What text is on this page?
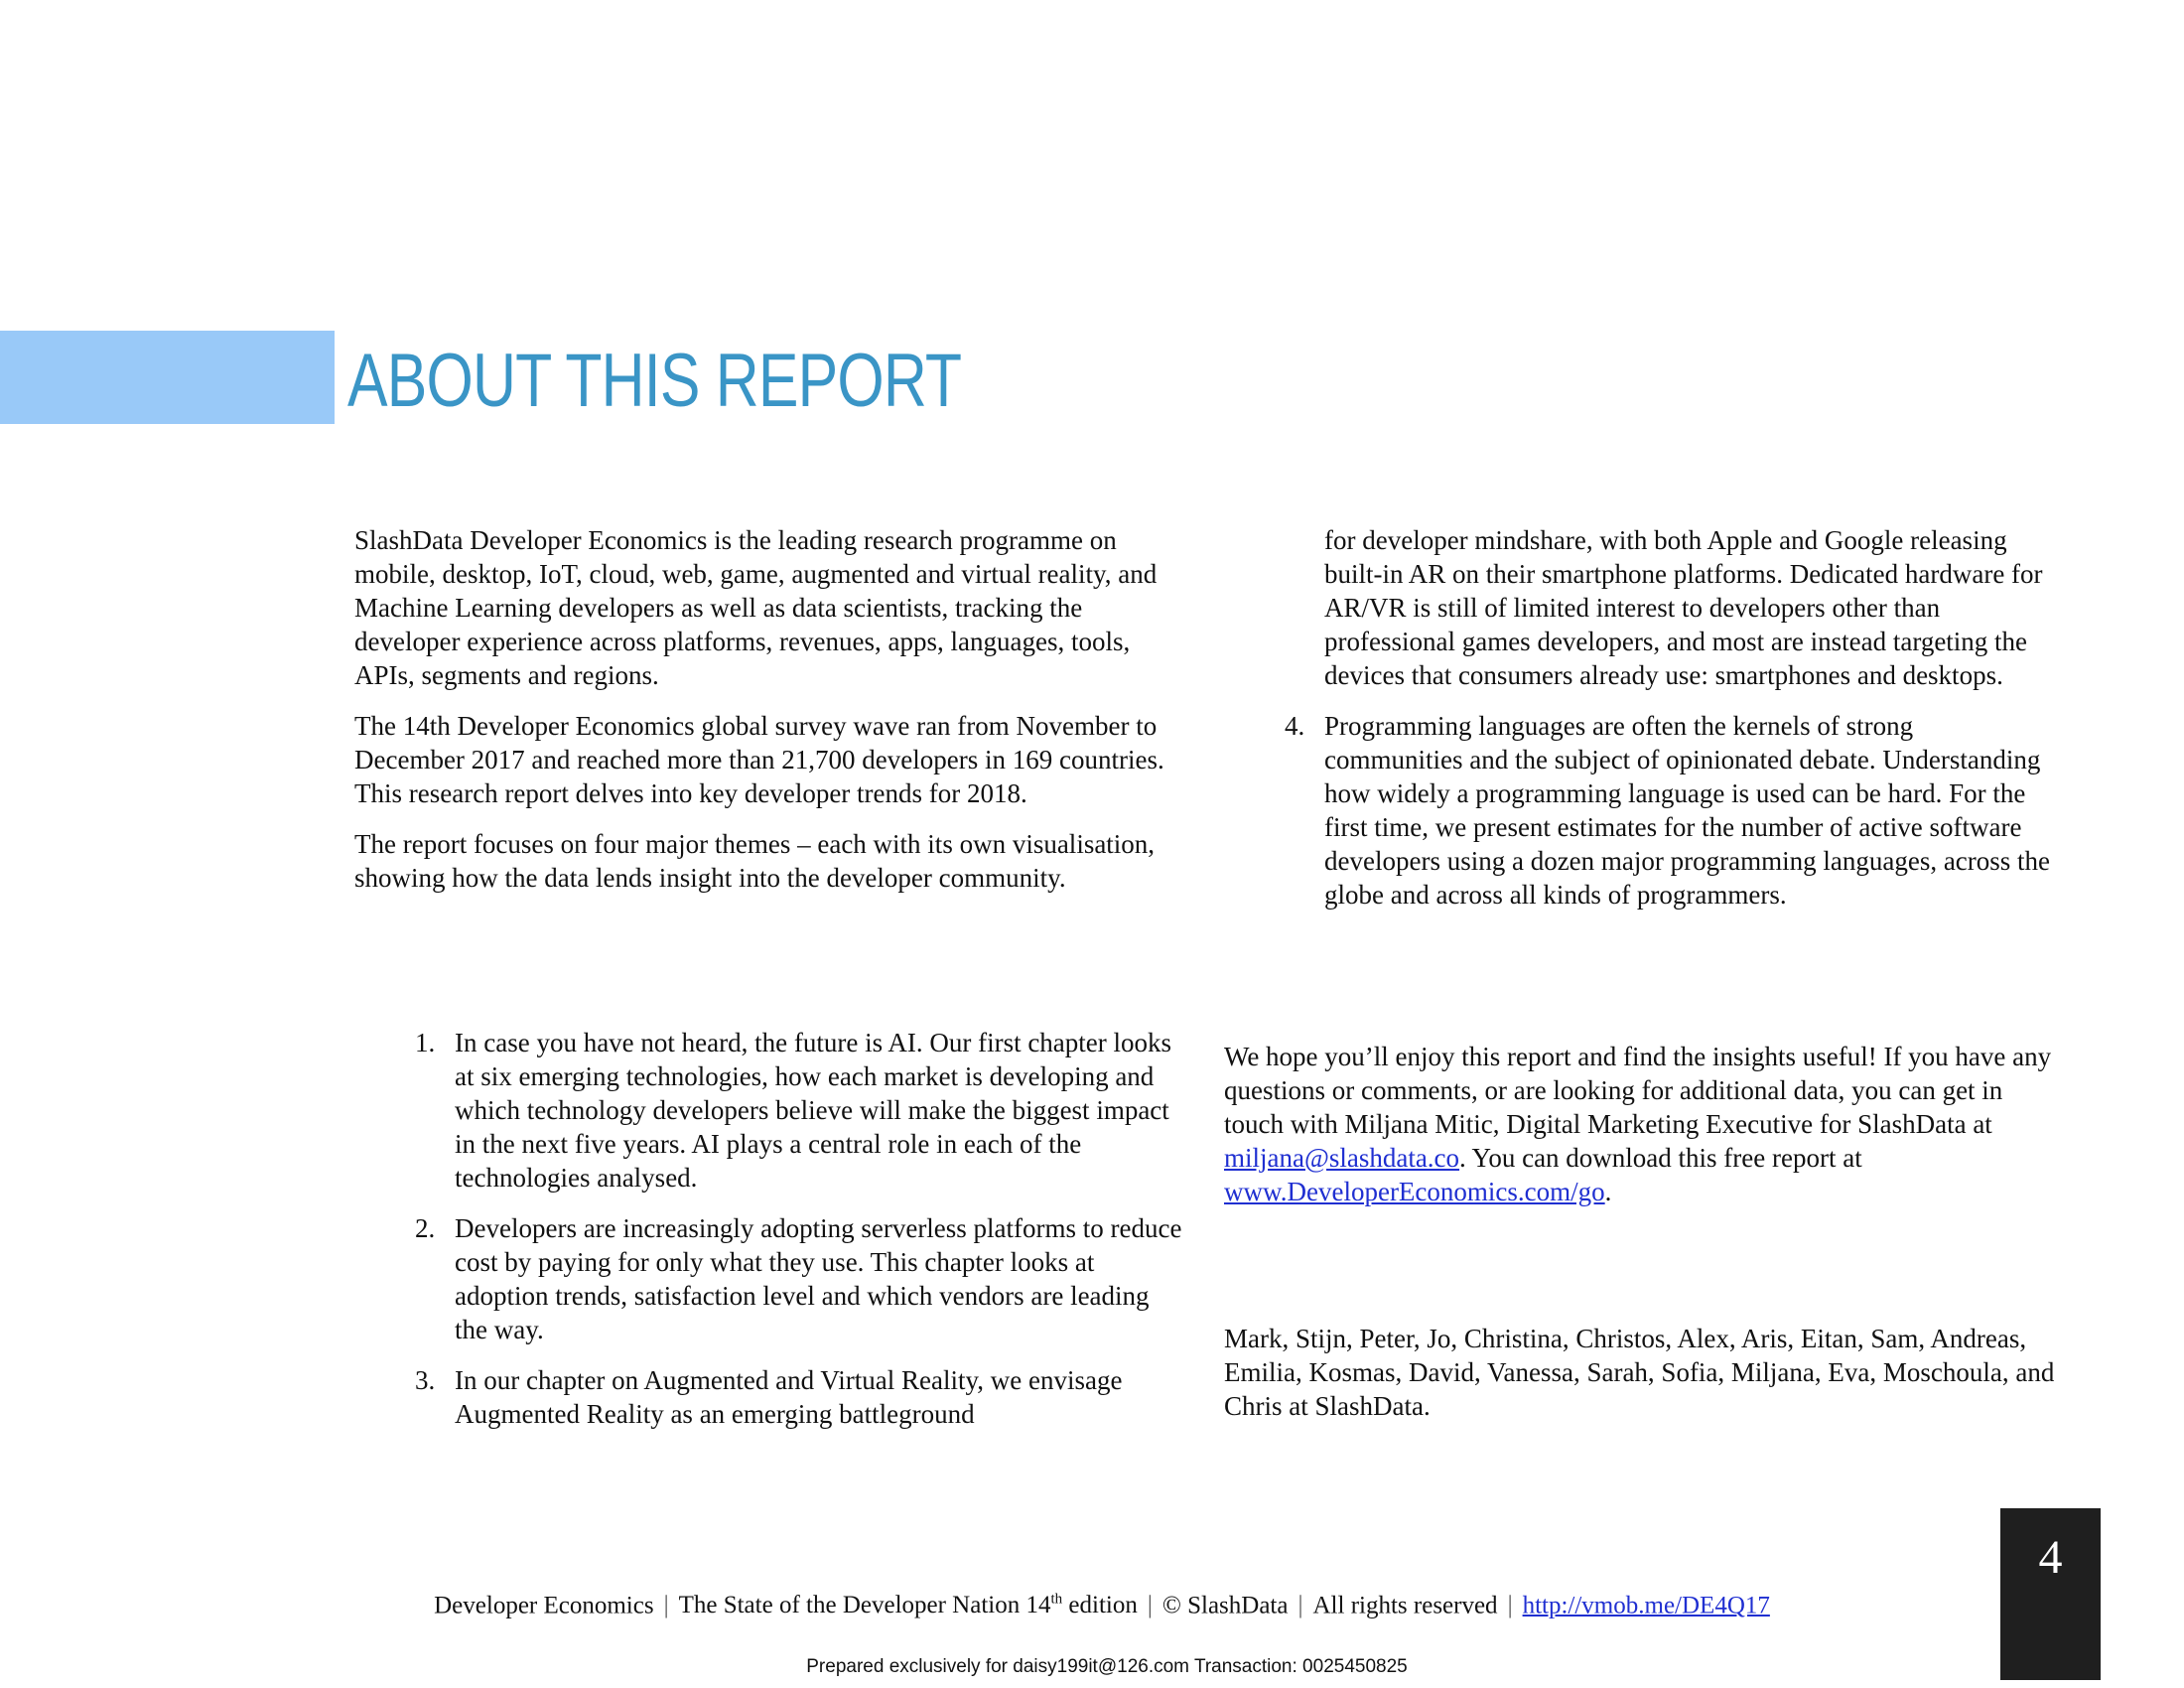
ABOUT THIS REPORT

SlashData Developer Economics is the leading research programme on mobile, desktop, IoT, cloud, web, game, augmented and virtual reality, and Machine Learning developers as well as data scientists, tracking the developer experience across platforms, revenues, apps, languages, tools, APIs, segments and regions.

The 14th Developer Economics global survey wave ran from November to December 2017 and reached more than 21,700 developers in 169 countries. This research report delves into key developer trends for 2018.

The report focuses on four major themes – each with its own visualisation, showing how the data lends insight into the developer community.

1. In case you have not heard, the future is AI. Our first chapter looks at six emerging technologies, how each market is developing and which technology developers believe will make the biggest impact in the next five years. AI plays a central role in each of the technologies analysed.
2. Developers are increasingly adopting serverless platforms to reduce cost by paying for only what they use. This chapter looks at adoption trends, satisfaction level and which vendors are leading the way.
3. In our chapter on Augmented and Virtual Reality, we envisage Augmented Reality as an emerging battleground
for developer mindshare, with both Apple and Google releasing built-in AR on their smartphone platforms. Dedicated hardware for AR/VR is still of limited interest to developers other than professional games developers, and most are instead targeting the devices that consumers already use: smartphones and desktops.
4. Programming languages are often the kernels of strong communities and the subject of opinionated debate. Understanding how widely a programming language is used can be hard. For the first time, we present estimates for the number of active software developers using a dozen major programming languages, across the globe and across all kinds of programmers.

We hope you’ll enjoy this report and find the insights useful! If you have any questions or comments, or are looking for additional data, you can get in touch with Miljana Mitic, Digital Marketing Executive for SlashData at miljana@slashdata.co. You can download this free report at www.DeveloperEconomics.com/go.

Mark, Stijn, Peter, Jo, Christina, Christos, Alex, Aris, Eitan, Sam, Andreas, Emilia, Kosmas, David, Vanessa, Sarah, Sofia, Miljana, Eva, Moschoula, and Chris at SlashData.

Developer Economics | The State of the Developer Nation 14th edition | © SlashData | All rights reserved | http://vmob.me/DE4Q17
Prepared exclusively for daisy199it@126.com Transaction: 0025450825
4
